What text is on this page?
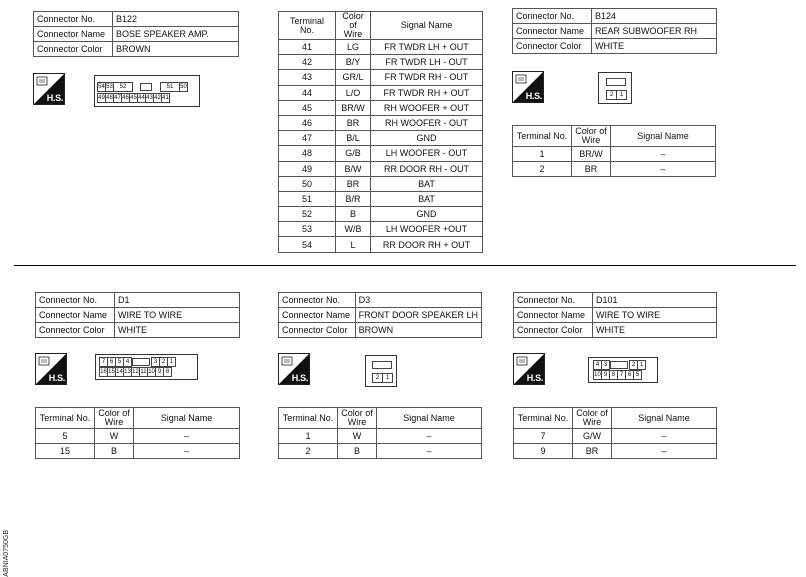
Connector No.	B122
Connector Name	BOSE SPEAKER AMP.
Connector Color	BROWN
H.S.
54 53	52	51	50
49 48 47 46 45 44 43 42 41
Terminal No.	Color of Wire	Signal Name
41	LG	FR TWDR LH + OUT
42	B/Y	FR TWDR LH - OUT
43	GR/L	FR TWDR RH - OUT
44	L/O	FR TWDR RH + OUT
45	BR/W	RH WOOFER + OUT
46	BR	RH WOOFER - OUT
47	B/L	GND
48	G/B	LH WOOFER - OUT
49	B/W	RR DOOR RH - OUT
50	BR	BAT
51	B/R	BAT
52	B	GND
53	W/B	LH WOOFER +OUT
54	L	RR DOOR RH + OUT
Connector No.	B124
Connector Name	REAR SUBWOOFER RH
Connector Color	WHITE
H.S.	2	1
Terminal No.	Color of Wire	Signal Name
1	BR/W	–
2	BR	–
Connector No.	D1
Connector Name	WIRE TO WIRE
Connector Color	WHITE
H.S.
7 6 5 4	3 2 1
16 15 14 13 12 11 10 9 8
Terminal No.	Color of Wire	Signal Name
5	W	–
15	B	–
Connector No.	D3
Connector Name	FRONT DOOR SPEAKER LH
Connector Color	BROWN
H.S.	2	1
Terminal No.	Color of Wire	Signal Name
1	W	–
2	B	–
Connector No.	D101
Connector Name	WIRE TO WIRE
Connector Color	WHITE
H.S.
4 3	2 1
10 9 8 7 6 5
Terminal No.	Color of Wire	Signal Name
7	G/W	–
9	BR	–
ABNIA0750GB
